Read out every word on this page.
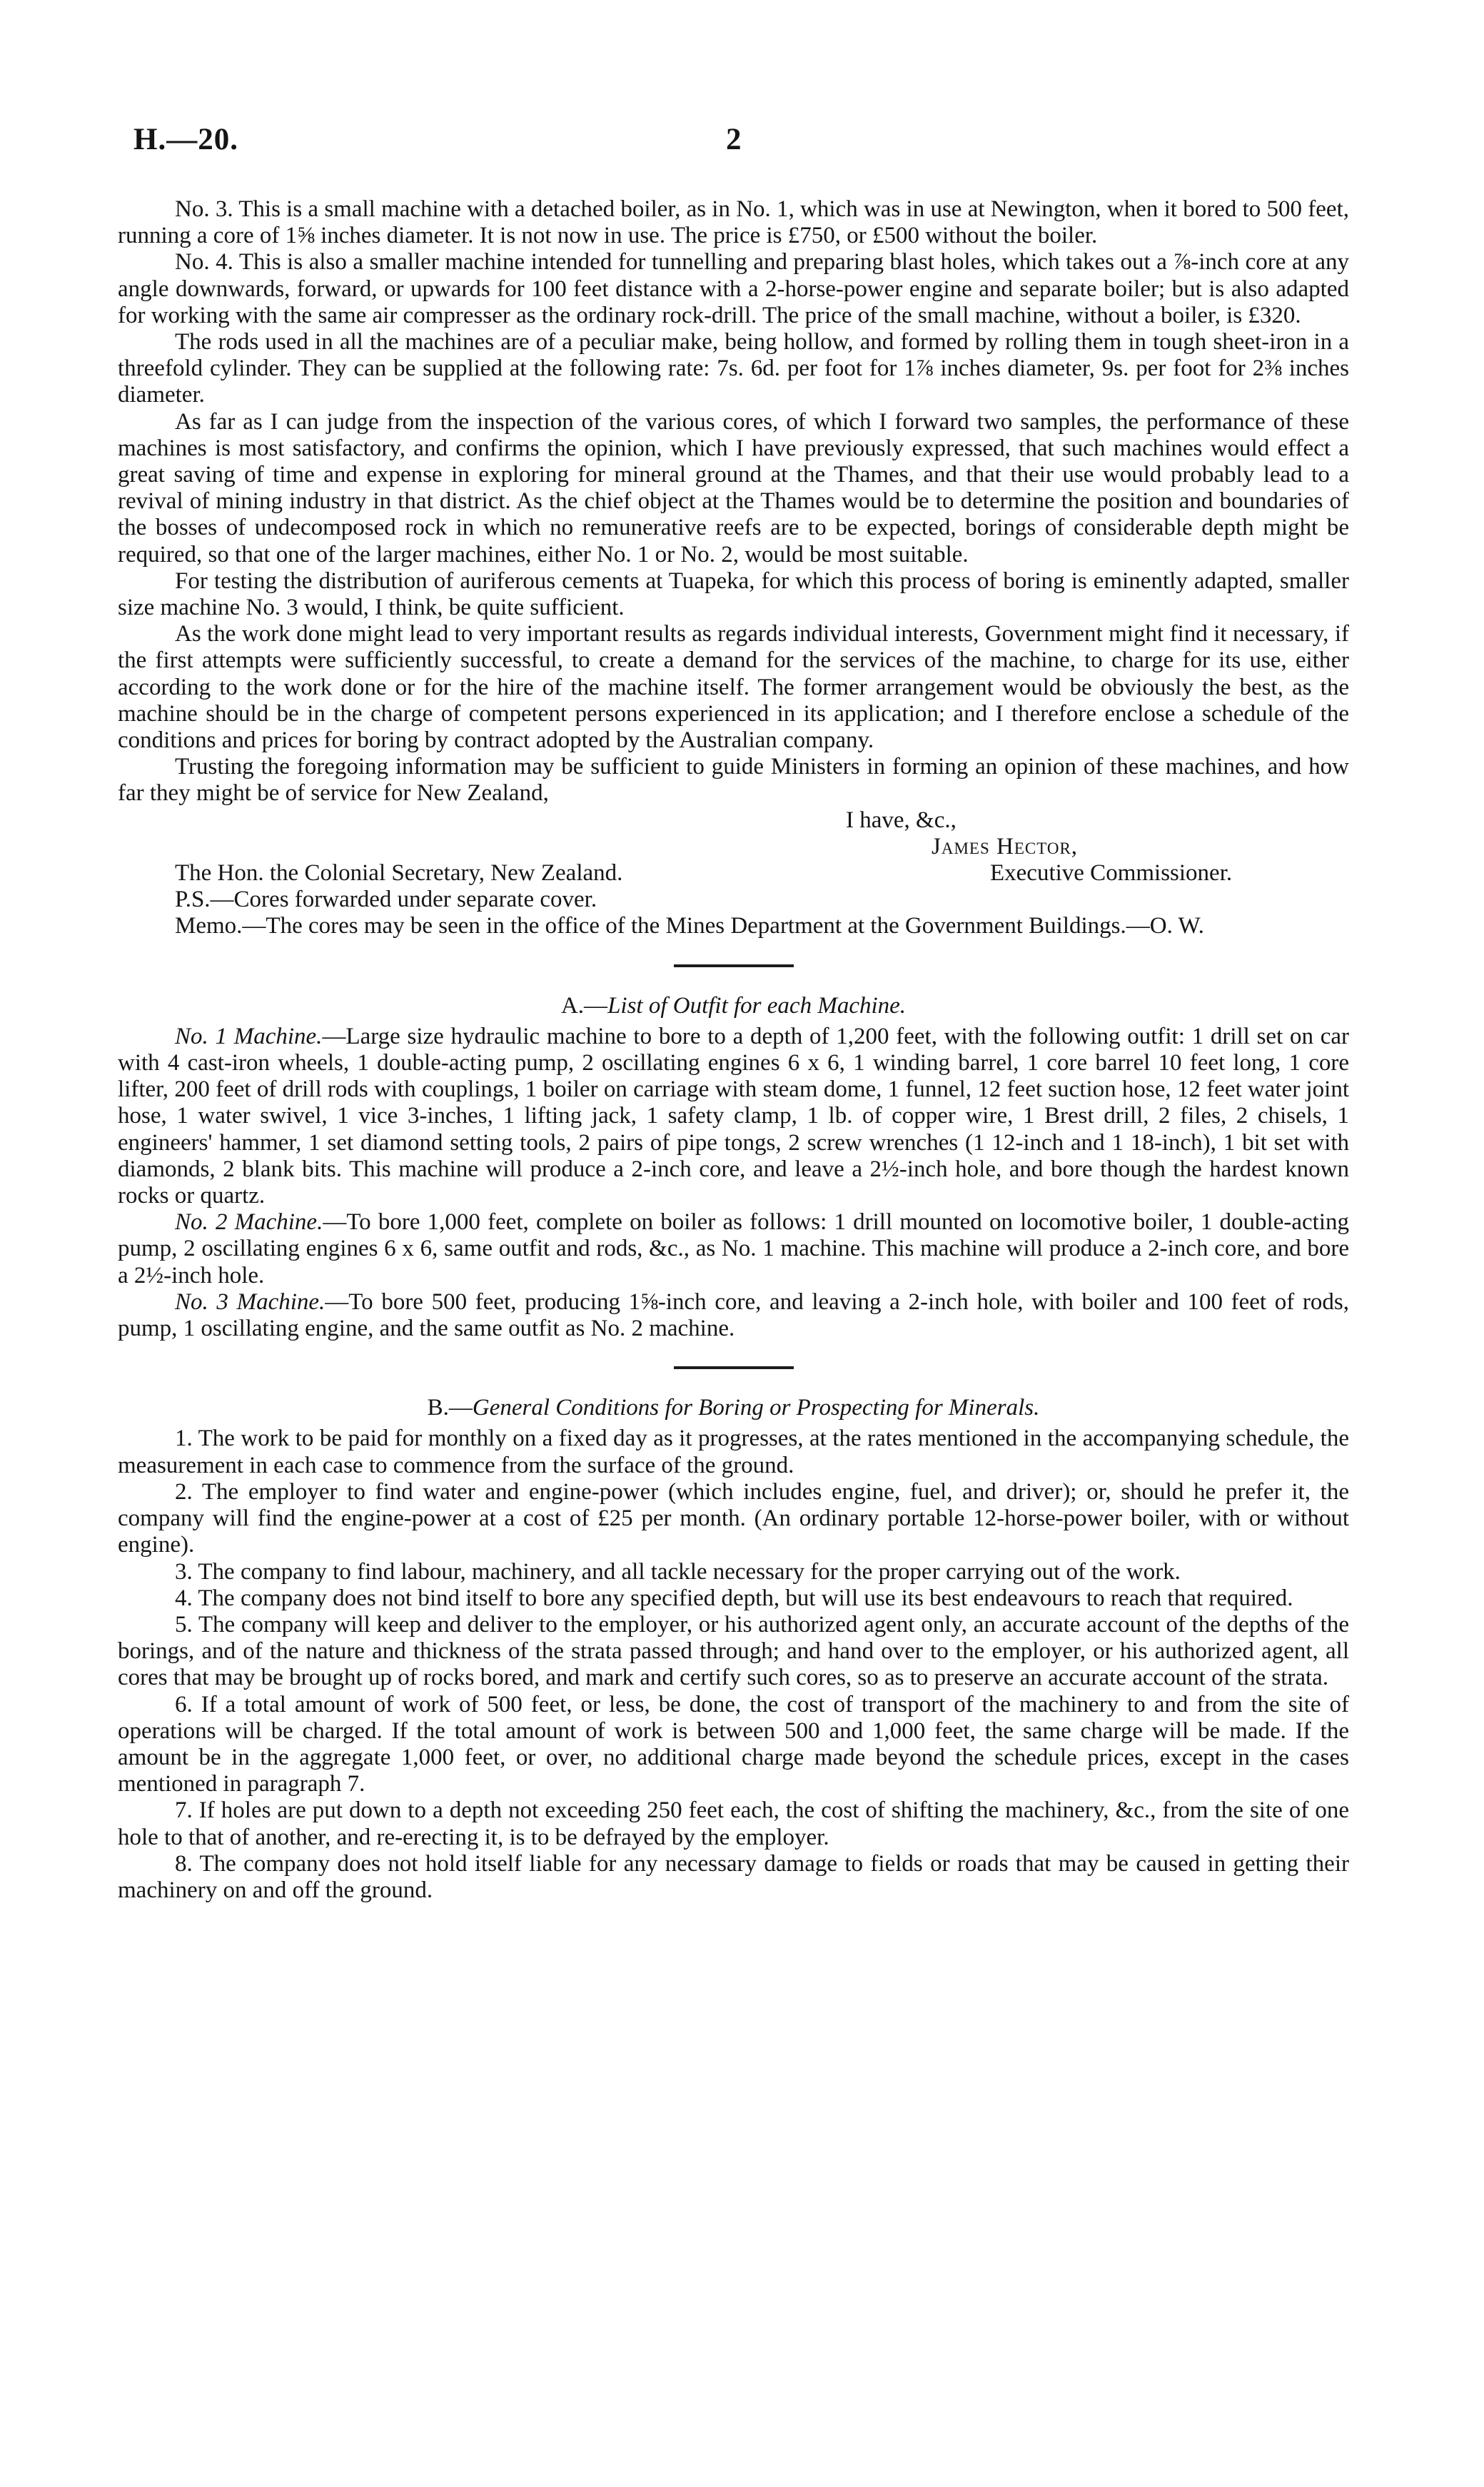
H.—20.	2

No. 3. This is a small machine with a detached boiler, as in No. 1, which was in use at Newington, when it bored to 500 feet, running a core of 1⅝ inches diameter. It is not now in use. The price is £750, or £500 without the boiler.

No. 4. This is also a smaller machine intended for tunnelling and preparing blast holes, which takes out a ⅞-inch core at any angle downwards, forward, or upwards for 100 feet distance with a 2-horse-power engine and separate boiler; but is also adapted for working with the same air compresser as the ordinary rock-drill. The price of the small machine, without a boiler, is £320.

The rods used in all the machines are of a peculiar make, being hollow, and formed by rolling them in tough sheet-iron in a threefold cylinder. They can be supplied at the following rate: 7s. 6d. per foot for 1⅞ inches diameter, 9s. per foot for 2⅜ inches diameter.

As far as I can judge from the inspection of the various cores, of which I forward two samples, the performance of these machines is most satisfactory, and confirms the opinion, which I have previously expressed, that such machines would effect a great saving of time and expense in exploring for mineral ground at the Thames, and that their use would probably lead to a revival of mining industry in that district. As the chief object at the Thames would be to determine the position and boundaries of the bosses of undecomposed rock in which no remunerative reefs are to be expected, borings of considerable depth might be required, so that one of the larger machines, either No. 1 or No. 2, would be most suitable.

For testing the distribution of auriferous cements at Tuapeka, for which this process of boring is eminently adapted, smaller size machine No. 3 would, I think, be quite sufficient.

As the work done might lead to very important results as regards individual interests, Government might find it necessary, if the first attempts were sufficiently successful, to create a demand for the services of the machine, to charge for its use, either according to the work done or for the hire of the machine itself. The former arrangement would be obviously the best, as the machine should be in the charge of competent persons experienced in its application; and I therefore enclose a schedule of the conditions and prices for boring by contract adopted by the Australian company.

Trusting the foregoing information may be sufficient to guide Ministers in forming an opinion of these machines, and how far they might be of service for New Zealand,

I have, &c.,
James Hector,
The Hon. the Colonial Secretary, New Zealand.	Executive Commissioner.

P.S.—Cores forwarded under separate cover.

Memo.—The cores may be seen in the office of the Mines Department at the Government Buildings.—O. W.

A.—List of Outfit for each Machine.

No. 1 Machine.—Large size hydraulic machine to bore to a depth of 1,200 feet, with the following outfit: 1 drill set on car with 4 cast-iron wheels, 1 double-acting pump, 2 oscillating engines 6 x 6, 1 winding barrel, 1 core barrel 10 feet long, 1 core lifter, 200 feet of drill rods with couplings, 1 boiler on carriage with steam dome, 1 funnel, 12 feet suction hose, 12 feet water joint hose, 1 water swivel, 1 vice 3-inches, 1 lifting jack, 1 safety clamp, 1 lb. of copper wire, 1 Brest drill, 2 files, 2 chisels, 1 engineers' hammer, 1 set diamond setting tools, 2 pairs of pipe tongs, 2 screw wrenches (1 12-inch and 1 18-inch), 1 bit set with diamonds, 2 blank bits. This machine will produce a 2-inch core, and leave a 2½-inch hole, and bore though the hardest known rocks or quartz.

No. 2 Machine.—To bore 1,000 feet, complete on boiler as follows: 1 drill mounted on locomotive boiler, 1 double-acting pump, 2 oscillating engines 6 x 6, same outfit and rods, &c., as No. 1 machine. This machine will produce a 2-inch core, and bore a 2½-inch hole.

No. 3 Machine.—To bore 500 feet, producing 1⅝-inch core, and leaving a 2-inch hole, with boiler and 100 feet of rods, pump, 1 oscillating engine, and the same outfit as No. 2 machine.

B.—General Conditions for Boring or Prospecting for Minerals.

1. The work to be paid for monthly on a fixed day as it progresses, at the rates mentioned in the accompanying schedule, the measurement in each case to commence from the surface of the ground.

2. The employer to find water and engine-power (which includes engine, fuel, and driver); or, should he prefer it, the company will find the engine-power at a cost of £25 per month. (An ordinary portable 12-horse-power boiler, with or without engine).

3. The company to find labour, machinery, and all tackle necessary for the proper carrying out of the work.

4. The company does not bind itself to bore any specified depth, but will use its best endeavours to reach that required.

5. The company will keep and deliver to the employer, or his authorized agent only, an accurate account of the depths of the borings, and of the nature and thickness of the strata passed through; and hand over to the employer, or his authorized agent, all cores that may be brought up of rocks bored, and mark and certify such cores, so as to preserve an accurate account of the strata.

6. If a total amount of work of 500 feet, or less, be done, the cost of transport of the machinery to and from the site of operations will be charged. If the total amount of work is between 500 and 1,000 feet, the same charge will be made. If the amount be in the aggregate 1,000 feet, or over, no additional charge made beyond the schedule prices, except in the cases mentioned in paragraph 7.

7. If holes are put down to a depth not exceeding 250 feet each, the cost of shifting the machinery, &c., from the site of one hole to that of another, and re-erecting it, is to be defrayed by the employer.

8. The company does not hold itself liable for any necessary damage to fields or roads that may be caused in getting their machinery on and off the ground.
